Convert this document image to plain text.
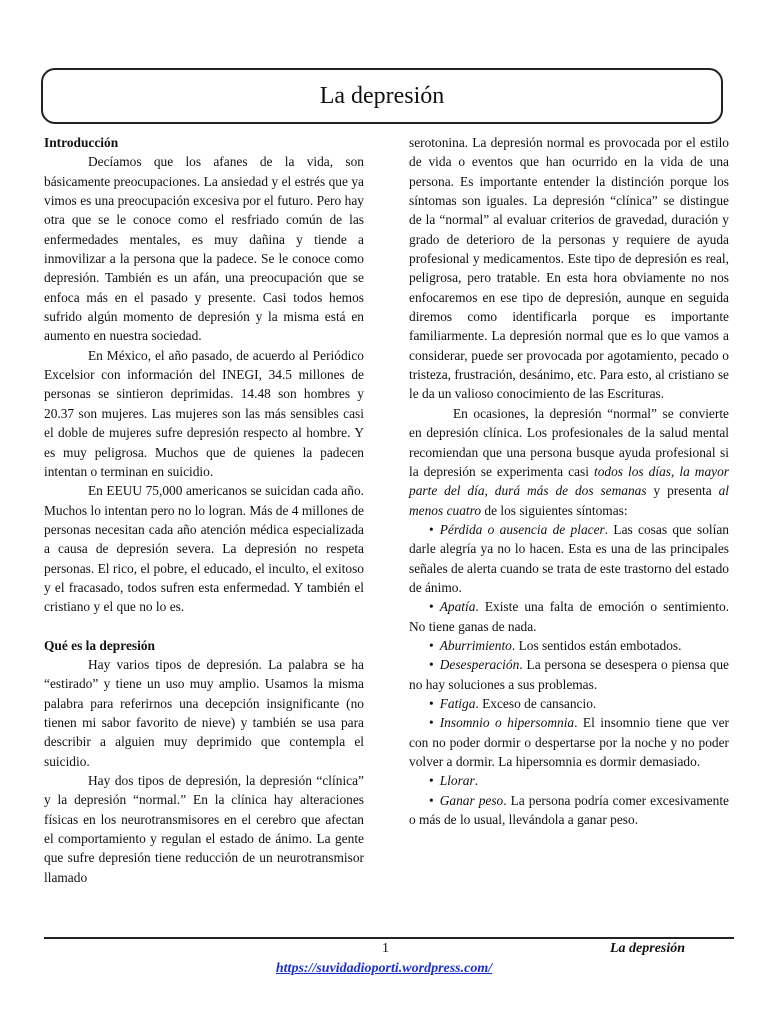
La depresión
Introducción

Decíamos que los afanes de la vida, son básicamente preocupaciones. La ansiedad y el estrés que ya vimos es una preocupación excesiva por el futuro. Pero hay otra que se le conoce como el resfriado común de las enfermedades mentales, es muy dañina y tiende a inmovilizar a la persona que la padece. Se le conoce como depresión. También es un afán, una preocupación que se enfoca más en el pasado y presente. Casi todos hemos sufrido algún momento de depresión y la misma está en aumento en nuestra sociedad.

En México, el año pasado, de acuerdo al Periódico Excelsior con información del INEGI, 34.5 millones de personas se sintieron deprimidas. 14.48 son hombres y 20.37 son mujeres. Las mujeres son las más sensibles casi el doble de mujeres sufre depresión respecto al hombre. Y es muy peligrosa. Muchos que de quienes la padecen intentan o terminan en suicidio.

En EEUU 75,000 americanos se suicidan cada año. Muchos lo intentan pero no lo logran. Más de 4 millones de personas necesitan cada año atención médica especializada a causa de depresión severa. La depresión no respeta personas. El rico, el pobre, el educado, el inculto, el exitoso y el fracasado, todos sufren esta enfermedad. Y también el cristiano y el que no lo es.

Qué es la depresión

Hay varios tipos de depresión. La palabra se ha “estirado” y tiene un uso muy amplio. Usamos la misma palabra para referirnos una decepción insignificante (no tienen mi sabor favorito de nieve) y también se usa para describir a alguien muy deprimido que contempla el suicidio.

Hay dos tipos de depresión, la depresión “clínica” y la depresión “normal.” En la clínica hay alteraciones físicas en los neurotransmisores en el cerebro que afectan el comportamiento y regulan el estado de ánimo. La gente que sufre depresión tiene reducción de un neurotransmisor llamado

serotonina. La depresión normal es provocada por el estilo de vida o eventos que han ocurrido en la vida de una persona. Es importante entender la distinción porque los síntomas son iguales. La depresión “clínica” se distingue de la “normal” al evaluar criterios de gravedad, duración y grado de deterioro de la personas y requiere de ayuda profesional y medicamentos. Este tipo de depresión es real, peligrosa, pero tratable. En esta hora obviamente no nos enfocaremos en ese tipo de depresión, aunque en seguida diremos como identificarla porque es importante familiarmente. La depresión normal que es lo que vamos a considerar, puede ser provocada por agotamiento, pecado o tristeza, frustración, desánimo, etc. Para esto, al cristiano se le da un valioso conocimiento de las Escrituras.

En ocasiones, la depresión “normal” se convierte en depresión clínica. Los profesionales de la salud mental recomiendan que una persona busque ayuda profesional si la depresión se experimenta casi todos los días, la mayor parte del día, durá más de dos semanas y presenta al menos cuatro de los siguientes síntomas:

• Pérdida o ausencia de placer. Las cosas que solían darle alegría ya no lo hacen. Esta es una de las principales señales de alerta cuando se trata de este trastorno del estado de ánimo.

• Apatía. Existe una falta de emoción o sentimiento. No tiene ganas de nada.

• Aburrimiento. Los sentidos están embotados.

• Desesperación. La persona se desespera o piensa que no hay soluciones a sus problemas.

• Fatiga. Exceso de cansancio.

• Insomnio o hipersomnia. El insomnio tiene que ver con no poder dormir o despertarse por la noche y no poder volver a dormir. La hipersomnia es dormir demasiado.

• Llorar.

• Ganar peso. La persona podría comer excesivamente o más de lo usual, llevándola a ganar peso.

1	La depresión
https://suvidadioporti.wordpress.com/
